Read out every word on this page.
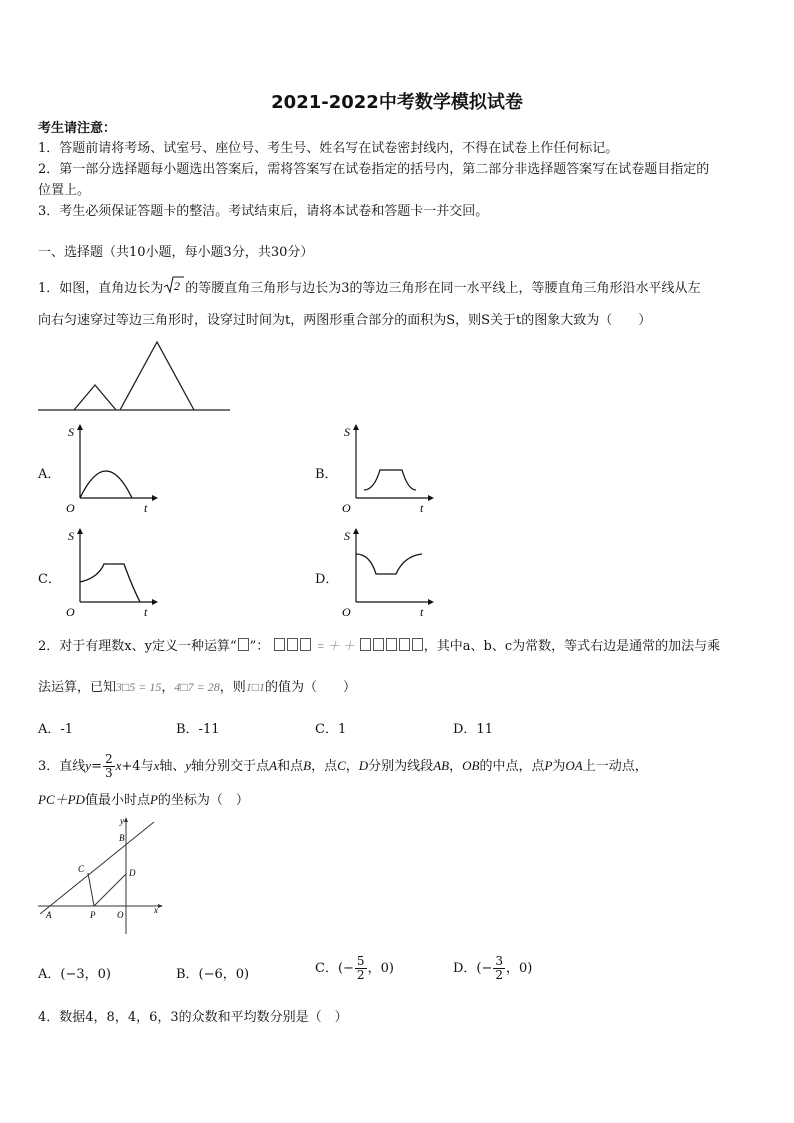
2021-2022中考数学模拟试卷
考生请注意：
1．答题前请将考场、试室号、座位号、考生号、姓名写在试卷密封线内，不得在试卷上作任何标记。
2．第一部分选择题每小题选出答案后，需将答案写在试卷指定的括号内，第二部分非选择题答案写在试卷题目指定的
位置上。
3．考生必须保证答题卡的整洁。考试结束后，请将本试卷和答题卡一并交回。
一、选择题（共10小题，每小题3分，共30分）
1．如图，直角边长为 2 的等腰直角三角形与边长为3的等边三角形在同一水平线上，等腰直角三角形沿水平线从左
向右匀速穿过等边三角形时，设穿过时间为t，两图形重合部分的面积为S，则S关于t的图象大致为（　　）
A．
S
O	t
B．
S
O	t
C．
S
O	t
D．
S
O	t
2．对于有理数x、y定义一种运算“ ”：	= ＋ ＋	，其中a、b、c为常数，等式右边是通常的加法与乘
法运算，已知3□5 = 15，4□7 = 28，则1□1的值为（　　）
A．-1	B．-11	C．1	D．11
3．直线$y= \frac{2}{3} x+4$与x轴、y轴分别交于点A和点B，点C，D分别为线段AB，OB的中点，点P为OA上一动点，
PC＋PD值最小时点P的坐标为（　）
A
B
C	D
P O	x
y
A．(−3，0)	B．(−6，0)	C．(− $\frac{5}{2}$ ，0)	D．(− $\frac{3}{2}$ ，0)
4．数据4，8，4，6，3的众数和平均数分别是（　）
